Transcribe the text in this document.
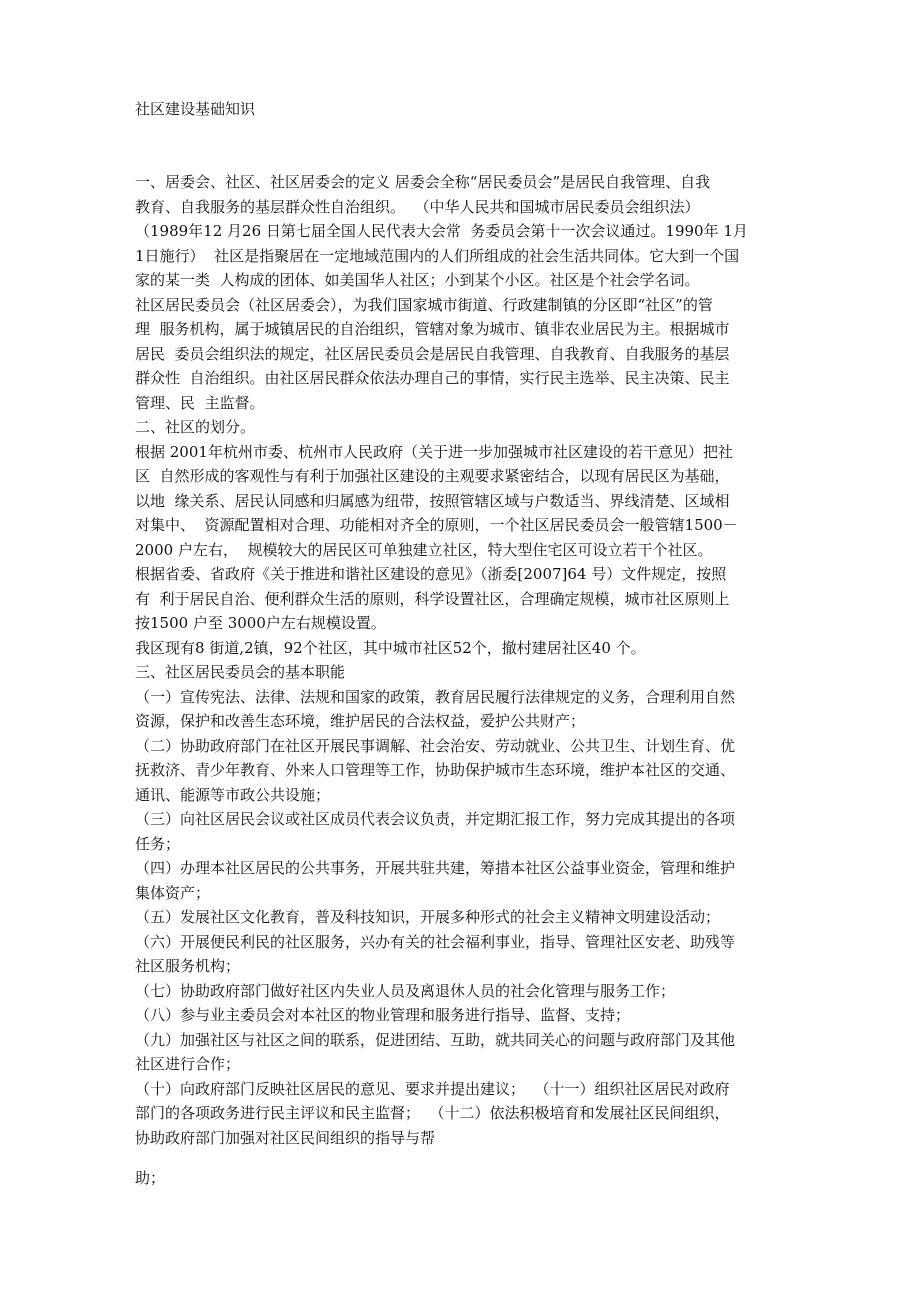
社区建设基础知识
一、居委会、社区、社区居委会的定义 居委会全称“居民委员会”是居民自我管理、自我
教育、自我服务的基层群众性自治组织。  （中华人民共和国城市居民委员会组织法）
（1989年12 月26 日第七届全国人民代表大会常  务委员会第十一次会议通过。1990年 1月
1日施行）  社区是指聚居在一定地域范围内的人们所组成的社会生活共同体。它大到一个国
家的某一类  人构成的团体、如美国华人社区；小到某个小区。社区是个社会学名词。
社区居民委员会（社区居委会），为我们国家城市街道、行政建制镇的分区即“社区”的管
理  服务机构，属于城镇居民的自治组织，管辖对象为城市、镇非农业居民为主。根据城市
居民  委员会组织法的规定，社区居民委员会是居民自我管理、自我教育、自我服务的基层
群众性  自治组织。由社区居民群众依法办理自己的事情，实行民主选举、民主决策、民主
管理、民  主监督。
二、社区的划分。
根据 2001年杭州市委、杭州市人民政府（关于进一步加强城市社区建设的若干意见）把社
区  自然形成的客观性与有利于加强社区建设的主观要求紧密结合，以现有居民区为基础，
以地  缘关系、居民认同感和归属感为纽带，按照管辖区域与户数适当、界线清楚、区域相
对集中、  资源配置相对合理、功能相对齐全的原则，一个社区居民委员会一般管辖1500－
2000 户左右，  规模较大的居民区可单独建立社区，特大型住宅区可设立若干个社区。
根据省委、省政府《关于推进和谐社区建设的意见》（浙委[2007]64 号）文件规定，按照
有  利于居民自治、便利群众生活的原则，科学设置社区，合理确定规模，城市社区原则上
按1500 户至 3000户左右规模设置。
我区现有8 街道,2镇，92个社区，其中城市社区52个，撤村建居社区40 个。
三、社区居民委员会的基本职能
（一）宣传宪法、法律、法规和国家的政策，教育居民履行法律规定的义务，合理利用自然
资源，保护和改善生态环境，维护居民的合法权益，爱护公共财产；
（二）协助政府部门在社区开展民事调解、社会治安、劳动就业、公共卫生、计划生育、优
抚救济、青少年教育、外来人口管理等工作，协助保护城市生态环境，维护本社区的交通、
通讯、能源等市政公共设施；
（三）向社区居民会议或社区成员代表会议负责，并定期汇报工作，努力完成其提出的各项
任务；
（四）办理本社区居民的公共事务，开展共驻共建，筹措本社区公益事业资金，管理和维护
集体资产；
（五）发展社区文化教育，普及科技知识，开展多种形式的社会主义精神文明建设活动；
（六）开展便民利民的社区服务，兴办有关的社会福利事业，指导、管理社区安老、助残等
社区服务机构；
（七）协助政府部门做好社区内失业人员及离退休人员的社会化管理与服务工作；
（八）参与业主委员会对本社区的物业管理和服务进行指导、监督、支持；
（九）加强社区与社区之间的联系，促进团结、互助，就共同关心的问题与政府部门及其他
社区进行合作；
（十）向政府部门反映社区居民的意见、要求并提出建议；  （十一）组织社区居民对政府
部门的各项政务进行民主评议和民主监督；  （十二）依法积极培育和发展社区民间组织，
协助政府部门加强对社区民间组织的指导与帮
助；
